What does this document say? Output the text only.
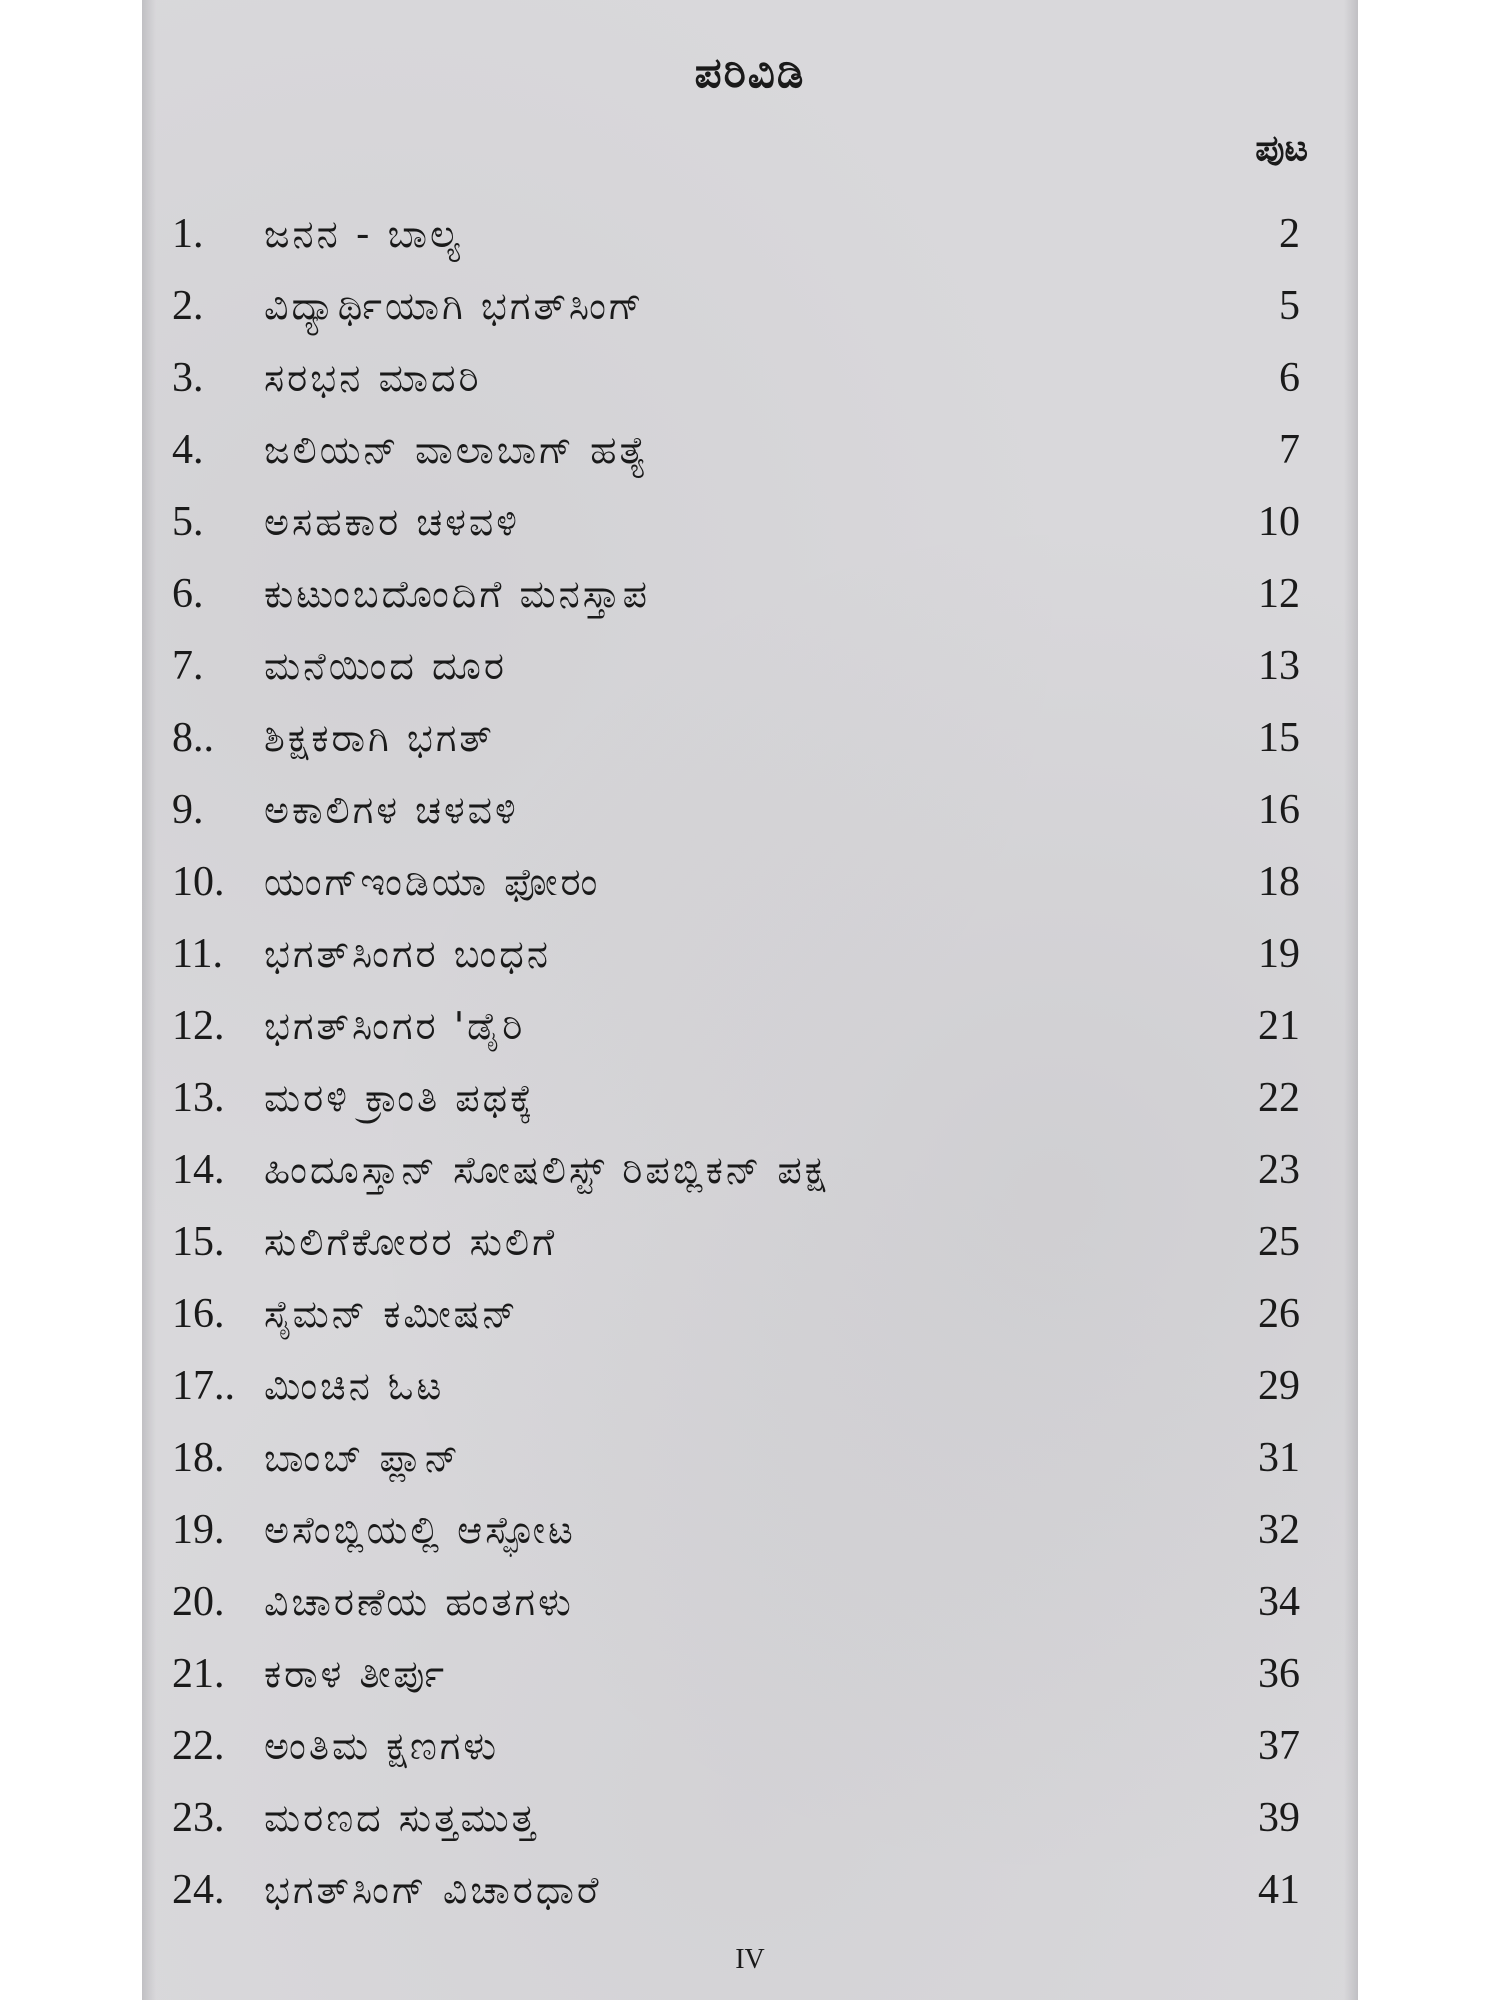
ಪರಿವಿಡಿ
ಪುಟ
1.	ಜನನ - ಬಾಲ್ಯ	2
2.	ವಿದ್ಯಾರ್ಥಿಯಾಗಿ ಭಗತ್‌ಸಿಂಗ್	5
3.	ಸರಭನ ಮಾದರಿ	6
4.	ಜಲಿಯನ್ ವಾಲಾಬಾಗ್ ಹತ್ಯೆ	7
5.	ಅಸಹಕಾರ ಚಳವಳಿ	10
6.	ಕುಟುಂಬದೊಂದಿಗೆ ಮನಸ್ತಾಪ	12
7.	ಮನೆಯಿಂದ ದೂರ	13
8..	ಶಿಕ್ಷಕರಾಗಿ ಭಗತ್	15
9.	ಅಕಾಲಿಗಳ ಚಳವಳಿ	16
10.	ಯಂಗ್‌ಇಂಡಿಯಾ ಫೋರಂ	18
11.	ಭಗತ್‌ಸಿಂಗರ ಬಂಧನ	19
12.	ಭಗತ್‌ಸಿಂಗರ 'ಡೈರಿ	21
13.	ಮರಳಿ ಕ್ರಾಂತಿ ಪಥಕ್ಕೆ	22
14.	ಹಿಂದೂಸ್ತಾನ್ ಸೋಷಲಿಸ್ಟ್ ರಿಪಬ್ಲಿಕನ್ ಪಕ್ಷ	23
15.	ಸುಲಿಗೆಕೋರರ ಸುಲಿಗೆ	25
16.	ಸೈಮನ್ ಕಮೀಷನ್	26
17.. ಮಿಂಚಿನ ಓಟ	29
18.	ಬಾಂಬ್ ಪ್ಲಾನ್	31
19.	ಅಸೆಂಬ್ಲಿಯಲ್ಲಿ ಆಸ್ಫೋಟ	32
20.	ವಿಚಾರಣೆಯ ಹಂತಗಳು	34
21.	ಕರಾಳ ತೀರ್ಪು	36
22.	ಅಂತಿಮ ಕ್ಷಣಗಳು	37
23.	ಮರಣದ ಸುತ್ತಮುತ್ತ	39
24.	ಭಗತ್‌ಸಿಂಗ್ ವಿಚಾರಧಾರೆ	41
IV
